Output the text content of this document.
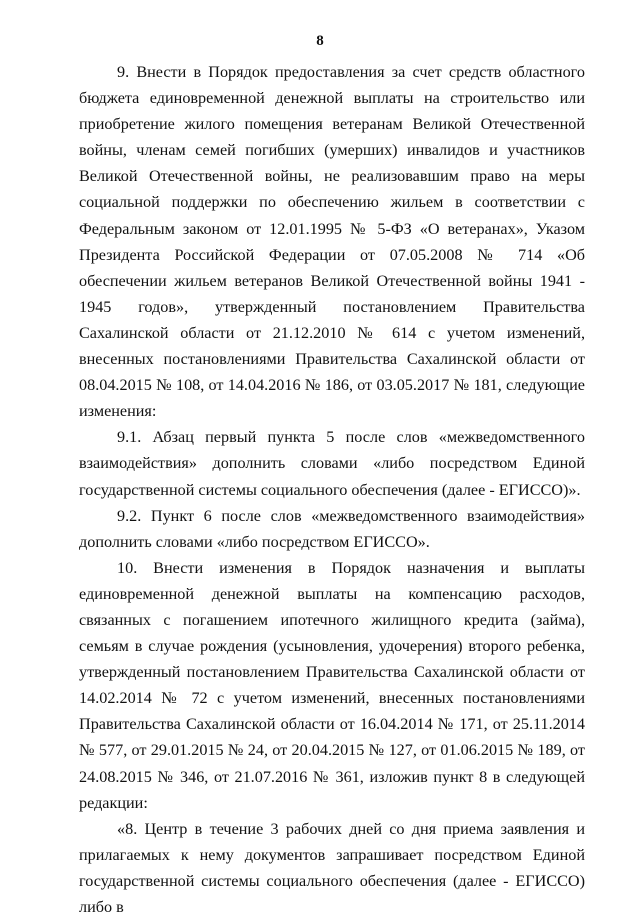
8

9. Внести в Порядок предоставления за счет средств областного бюджета единовременной денежной выплаты на строительство или приобретение жилого помещения ветеранам Великой Отечественной войны, членам семей погибших (умерших) инвалидов и участников Великой Отечественной войны, не реализовавшим право на меры социальной поддержки по обеспечению жильем в соответствии с Федеральным законом от 12.01.1995 № 5-ФЗ «О ветеранах», Указом Президента Российской Федерации от 07.05.2008 № 714 «Об обеспечении жильем ветеранов Великой Отечественной войны 1941 - 1945 годов», утвержденный постановлением Правительства Сахалинской области от 21.12.2010 № 614 с учетом изменений, внесенных постановлениями Правительства Сахалинской области от 08.04.2015 № 108, от 14.04.2016 № 186, от 03.05.2017 № 181, следующие изменения:

9.1. Абзац первый пункта 5 после слов «межведомственного взаимодействия» дополнить словами «либо посредством Единой государственной системы социального обеспечения (далее - ЕГИССО)».

9.2. Пункт 6 после слов «межведомственного взаимодействия» дополнить словами «либо посредством ЕГИССО».

10. Внести изменения в Порядок назначения и выплаты единовременной денежной выплаты на компенсацию расходов, связанных с погашением ипотечного жилищного кредита (займа), семьям в случае рождения (усыновления, удочерения) второго ребенка, утвержденный постановлением Правительства Сахалинской области от 14.02.2014 № 72 с учетом изменений, внесенных постановлениями Правительства Сахалинской области от 16.04.2014 № 171, от 25.11.2014 № 577, от 29.01.2015 № 24, от 20.04.2015 № 127, от 01.06.2015 № 189, от 24.08.2015 № 346, от 21.07.2016 № 361, изложив пункт 8 в следующей редакции:

«8. Центр в течение 3 рабочих дней со дня приема заявления и прилагаемых к нему документов запрашивает посредством Единой государственной системы социального обеспечения (далее - ЕГИССО) либо в
